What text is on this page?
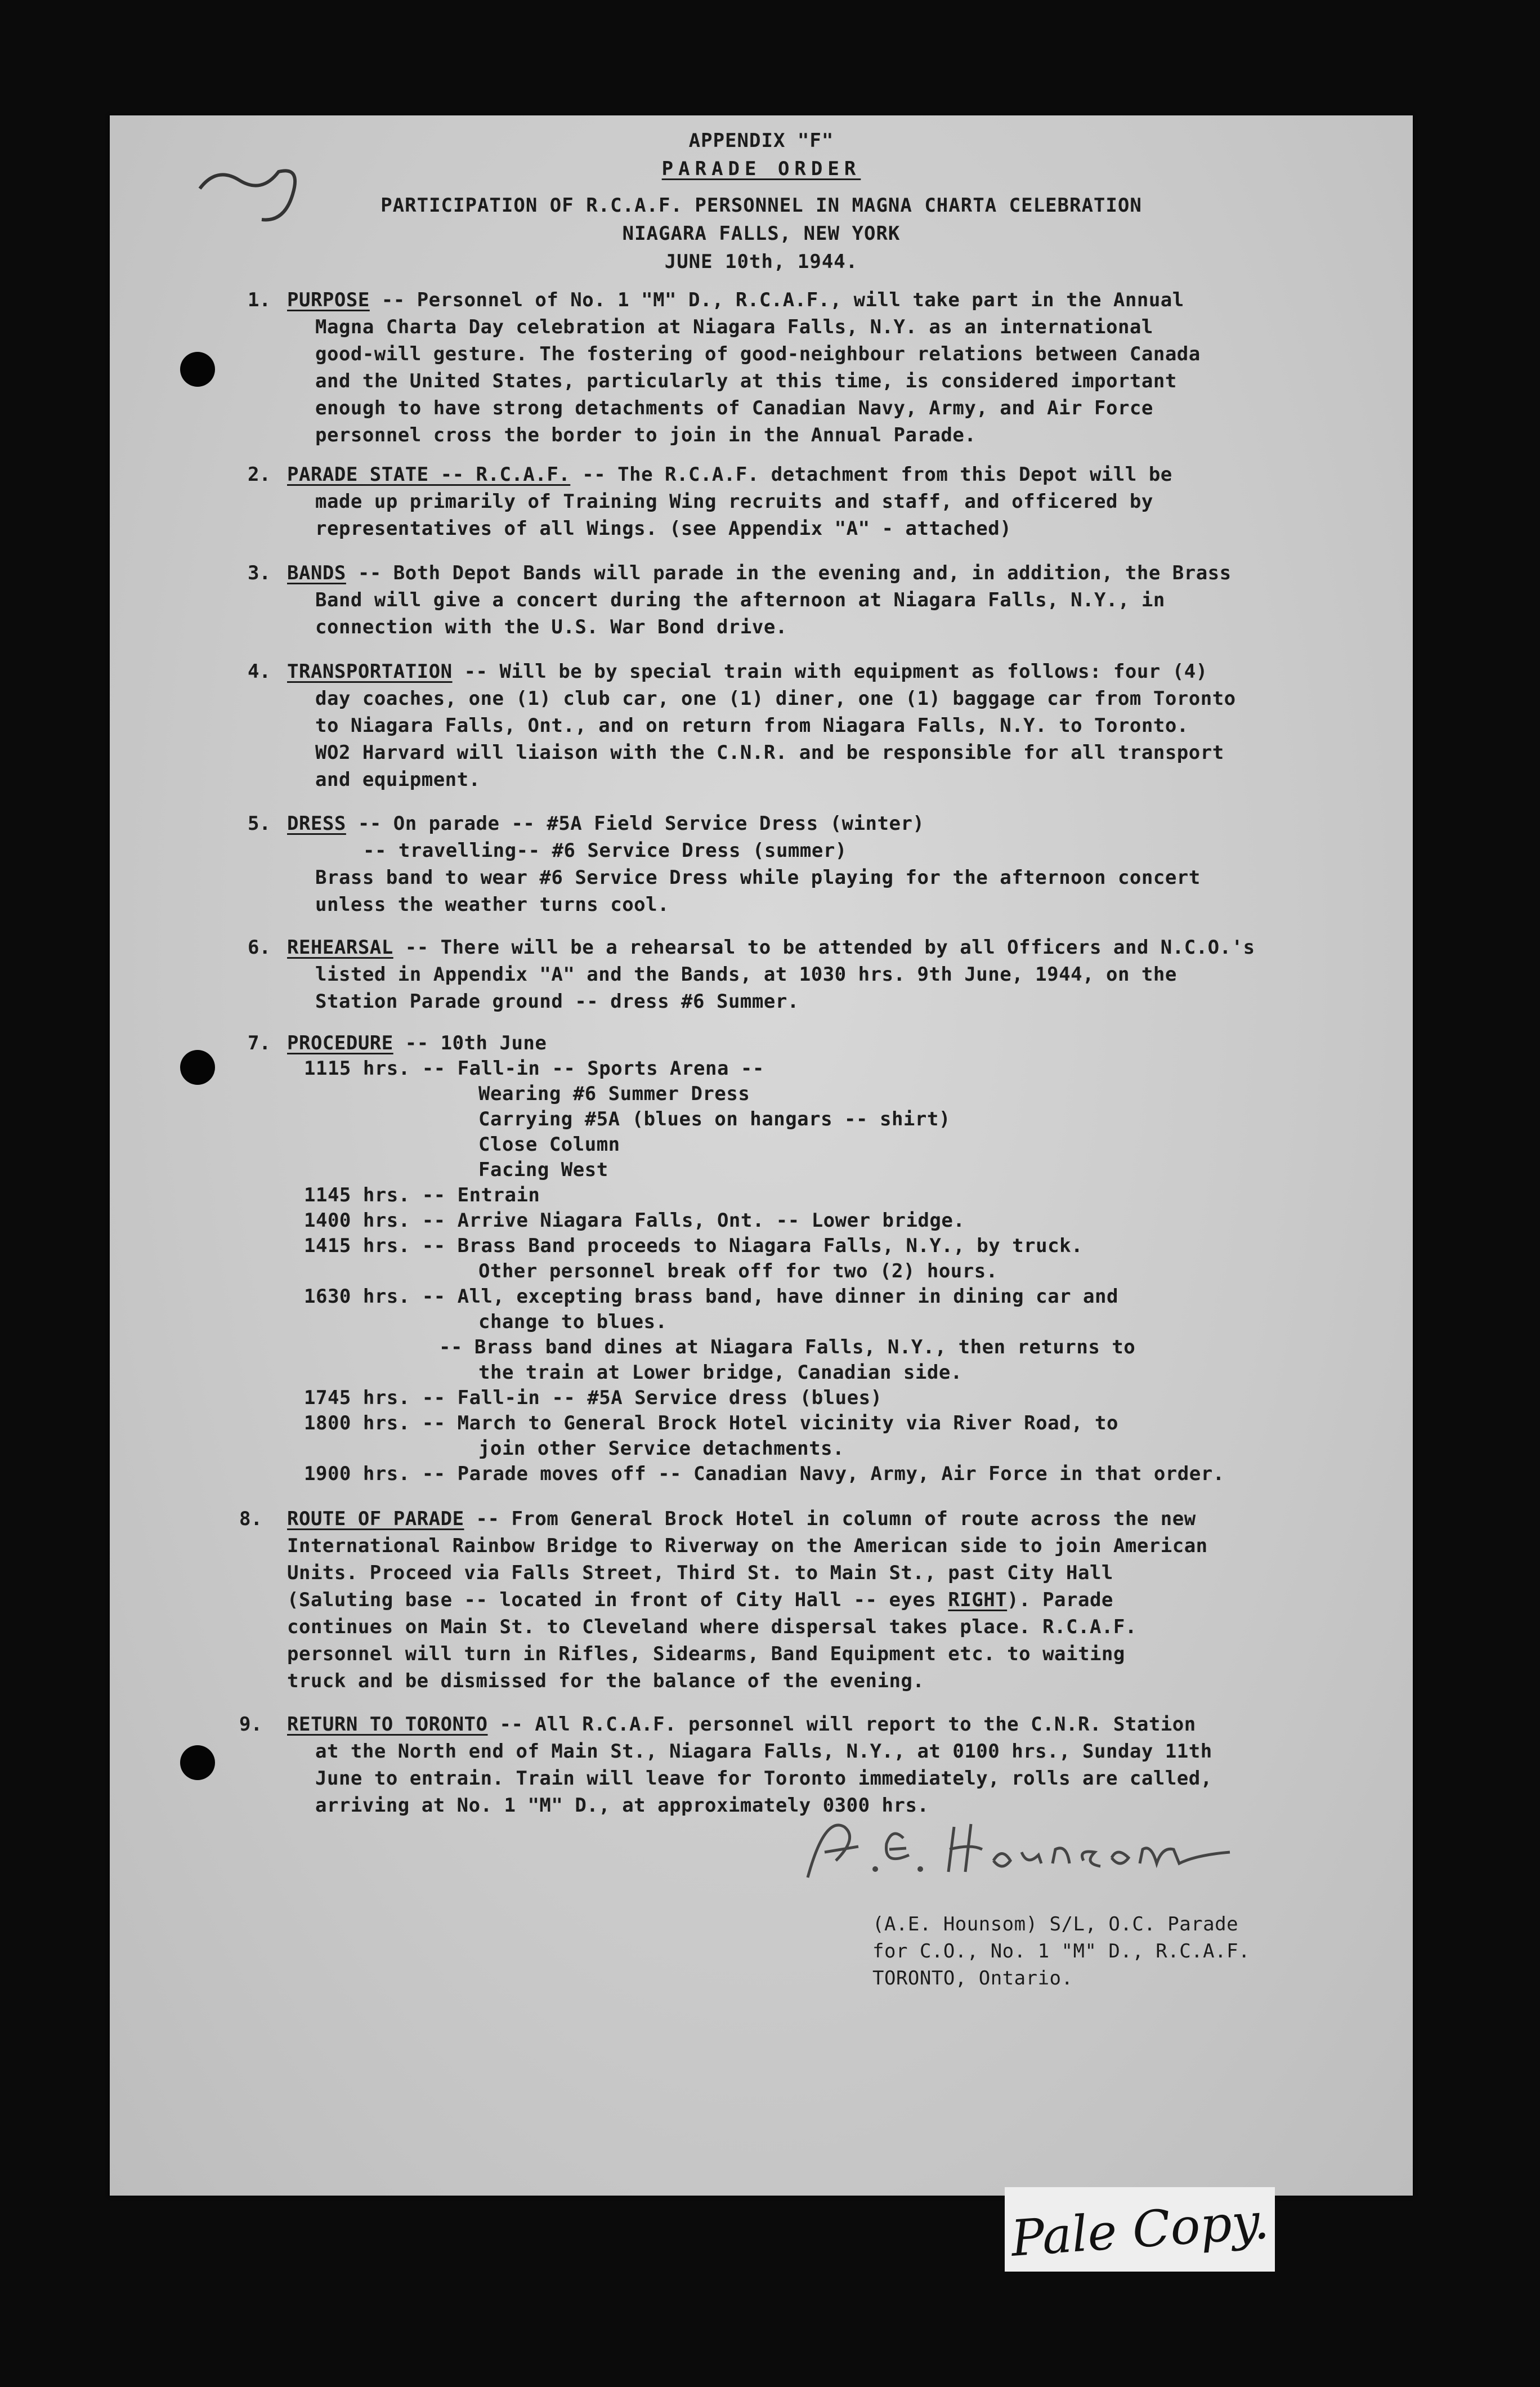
APPENDIX "F"
PARADE ORDER
PARTICIPATION OF R.C.A.F. PERSONNEL IN MAGNA CHARTA CELEBRATION
NIAGARA FALLS, NEW YORK
JUNE 10th, 1944.
1. PURPOSE -- Personnel of No. 1 "M" D., R.C.A.F., will take part in the Annual
Magna Charta Day celebration at Niagara Falls, N.Y. as an international
good-will gesture. The fostering of good-neighbour relations between Canada
and the United States, particularly at this time, is considered important
enough to have strong detachments of Canadian Navy, Army, and Air Force
personnel cross the border to join in the Annual Parade.
2. PARADE STATE -- R.C.A.F. -- The R.C.A.F. detachment from this Depot will be
made up primarily of Training Wing recruits and staff, and officered by
representatives of all Wings. (see Appendix "A" - attached)
3. BANDS -- Both Depot Bands will parade in the evening and, in addition, the Brass
Band will give a concert during the afternoon at Niagara Falls, N.Y., in
connection with the U.S. War Bond drive.
4. TRANSPORTATION -- Will be by special train with equipment as follows: four (4)
day coaches, one (1) club car, one (1) diner, one (1) baggage car from Toronto
to Niagara Falls, Ont., and on return from Niagara Falls, N.Y. to Toronto.
WO2 Harvard will liaison with the C.N.R. and be responsible for all transport
and equipment.
5. DRESS -- On parade -- #5A Field Service Dress (winter)
-- travelling-- #6 Service Dress (summer)
Brass band to wear #6 Service Dress while playing for the afternoon concert
unless the weather turns cool.
6. REHEARSAL -- There will be a rehearsal to be attended by all Officers and N.C.O.'s
listed in Appendix "A" and the Bands, at 1030 hrs. 9th June, 1944, on the
Station Parade ground -- dress #6 Summer.
7. PROCEDURE -- 10th June
1115 hrs. -- Fall-in -- Sports Arena --
Wearing #6 Summer Dress
Carrying #5A (blues on hangars -- shirt)
Close Column
Facing West
1145 hrs. -- Entrain
1400 hrs. -- Arrive Niagara Falls, Ont. -- Lower bridge.
1415 hrs. -- Brass Band proceeds to Niagara Falls, N.Y., by truck.
Other personnel break off for two (2) hours.
1630 hrs. -- All, excepting brass band, have dinner in dining car and
change to blues.
-- Brass band dines at Niagara Falls, N.Y., then returns to
the train at Lower bridge, Canadian side.
1745 hrs. -- Fall-in -- #5A Service dress (blues)
1800 hrs. -- March to General Brock Hotel vicinity via River Road, to
join other Service detachments.
1900 hrs. -- Parade moves off -- Canadian Navy, Army, Air Force in that order.
8. ROUTE OF PARADE -- From General Brock Hotel in column of route across the new
International Rainbow Bridge to Riverway on the American side to join American
Units. Proceed via Falls Street, Third St. to Main St., past City Hall
(Saluting base -- located in front of City Hall -- eyes RIGHT). Parade
continues on Main St. to Cleveland where dispersal takes place. R.C.A.F.
personnel will turn in Rifles, Sidearms, Band Equipment etc. to waiting
truck and be dismissed for the balance of the evening.
9. RETURN TO TORONTO -- All R.C.A.F. personnel will report to the C.N.R. Station
at the North end of Main St., Niagara Falls, N.Y., at 0100 hrs., Sunday 11th
June to entrain. Train will leave for Toronto immediately, rolls are called,
arriving at No. 1 "M" D., at approximately 0300 hrs.
(A.E. Hounsom) S/L, O.C. Parade
for C.O., No. 1 "M" D., R.C.A.F.
TORONTO, Ontario.
Pale Copy.
